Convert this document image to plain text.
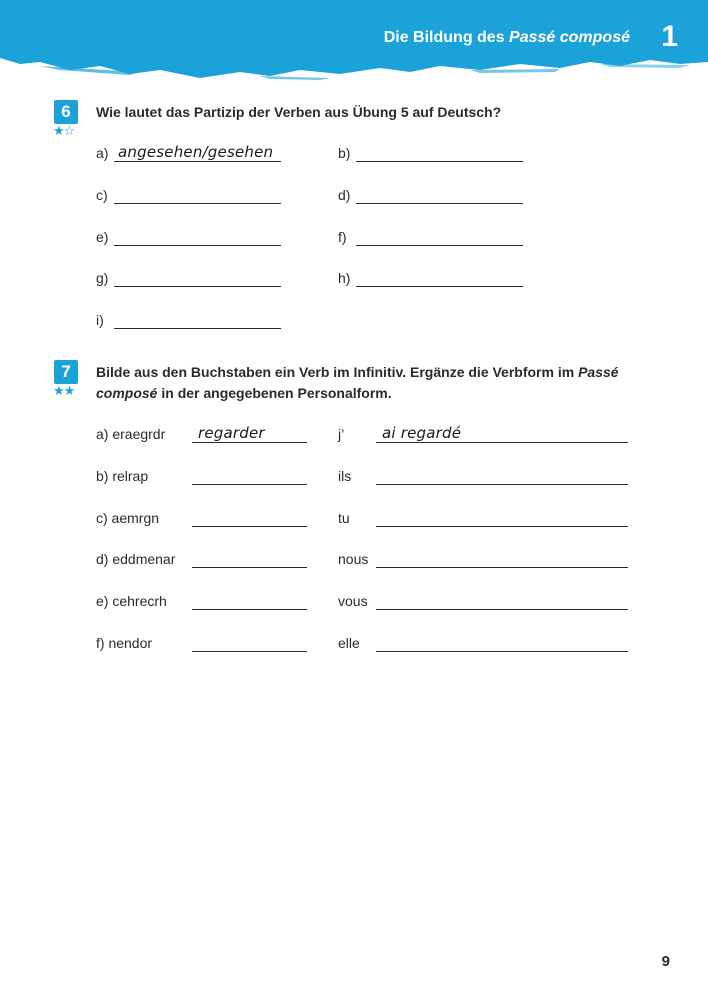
Die Bildung des Passé composé 1
6
★☆
Wie lautet das Partizip der Verben aus Übung 5 auf Deutsch?
a) angesehen/gesehen	b)
c)	d)
e)	f)
g)	h)
i)
7
★★
Bilde aus den Buchstaben ein Verb im Infinitiv. Ergänze die Verbform im Passé
composé in der angegebenen Personalform.
a) eraegrdr regarder	j’	ai regardé
b) relrap	ils
c) aemrgn	tu
d) eddmenar	nous
e) cehrecrh	vous
f) nendor	elle
9
